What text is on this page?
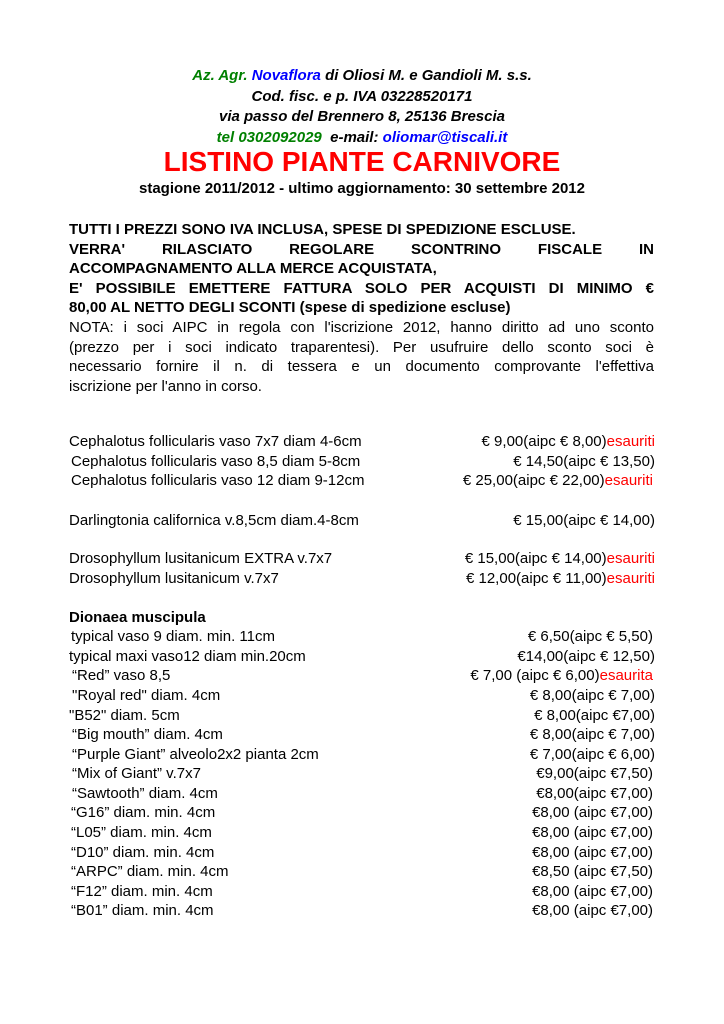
Az. Agr. Novaflora di Oliosi M. e Gandioli M. s.s.
Cod. fisc. e p. IVA 03228520171
via passo del Brennero 8, 25136 Brescia
tel 0302092029 e-mail: oliomar@tiscali.it
LISTINO PIANTE CARNIVORE
stagione 2011/2012 - ultimo aggiornamento: 30 settembre 2012
TUTTI I PREZZI SONO IVA INCLUSA, SPESE DI SPEDIZIONE ESCLUSE.
VERRA' RILASCIATO REGOLARE SCONTRINO FISCALE IN
ACCOMPAGNAMENTO ALLA MERCE ACQUISTATA,
E' POSSIBILE EMETTERE FATTURA SOLO PER ACQUISTI DI MINIMO €
80,00 AL NETTO DEGLI SCONTI (spese di spedizione escluse)
NOTA: i soci AIPC in regola con l'iscrizione 2012, hanno diritto ad uno sconto
(prezzo per i soci indicato traparentesi). Per usufruire dello sconto soci è
necessario fornire il n. di tessera e un documento comprovante l'effettiva
iscrizione per l'anno in corso.
Cephalotus follicularis vaso 7x7 diam 4-6cm	€ 9,00(aipc € 8,00)esauriti
Cephalotus follicularis vaso 8,5 diam 5-8cm	€ 14,50(aipc € 13,50)
Cephalotus follicularis vaso 12 diam 9-12cm	€ 25,00(aipc € 22,00)esauriti
Darlingtonia californica v.8,5cm diam.4-8cm	€ 15,00(aipc € 14,00)
Drosophyllum lusitanicum EXTRA v.7x7	€ 15,00(aipc € 14,00)esauriti
Drosophyllum lusitanicum v.7x7	€ 12,00(aipc € 11,00)esauriti
Dionaea muscipula
typical vaso 9 diam. min. 11cm	€ 6,50(aipc € 5,50)
typical maxi vaso12 diam min.20cm	€14,00(aipc € 12,50)
“Red” vaso 8,5	€ 7,00 (aipc € 6,00)esaurita
"Royal red" diam. 4cm	€ 8,00(aipc € 7,00)
"B52" diam. 5cm	€ 8,00(aipc €7,00)
“Big mouth” diam. 4cm	€ 8,00(aipc € 7,00)
“Purple Giant” alveolo2x2 pianta 2cm	€ 7,00(aipc € 6,00)
“Mix of Giant” v.7x7	€9,00(aipc €7,50)
“Sawtooth” diam. 4cm	€8,00(aipc €7,00)
“G16” diam. min. 4cm	€8,00 (aipc €7,00)
“L05” diam. min. 4cm	€8,00 (aipc €7,00)
“D10” diam. min. 4cm	€8,00 (aipc €7,00)
“ARPC” diam. min. 4cm	€8,50 (aipc €7,50)
“F12” diam. min. 4cm	€8,00 (aipc €7,00)
“B01” diam. min. 4cm	€8,00 (aipc €7,00)
